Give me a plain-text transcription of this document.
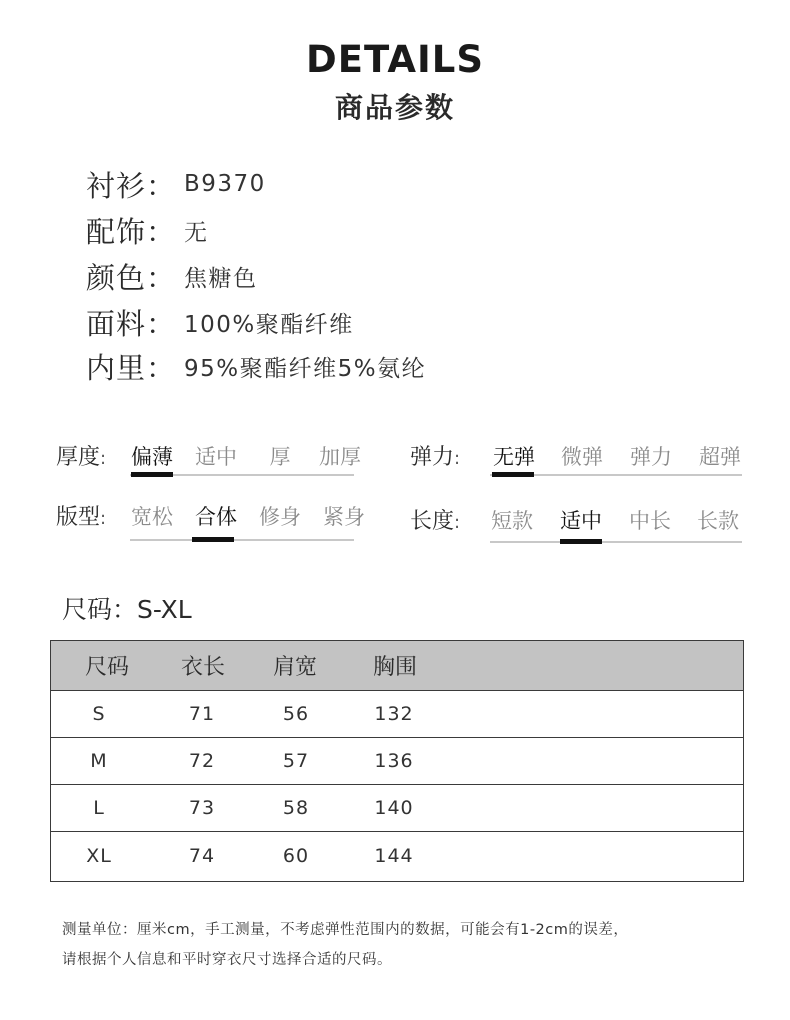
DETAILS
商品参数
衬衫： B9370
配饰： 无
颜色： 焦糖色
面料： 100%聚酯纤维
内里： 95%聚酯纤维5%氨纶
厚度: 偏薄 适中	厚	加厚 弹力: 无弹 微弹 弹力 超弹
版型: 宽松 合体 修身 紧身 长度: 短款 适中 中长 长款
尺码：S-XL
尺码	衣长	肩宽	胸围
S	71	56	132
M	72	57	136
L	73	58	140
XL	74	60	144
测量单位：厘米cm，手工测量，不考虑弹性范围内的数据，可能会有1-2cm的误差，
请根据个人信息和平时穿衣尺寸选择合适的尺码。
